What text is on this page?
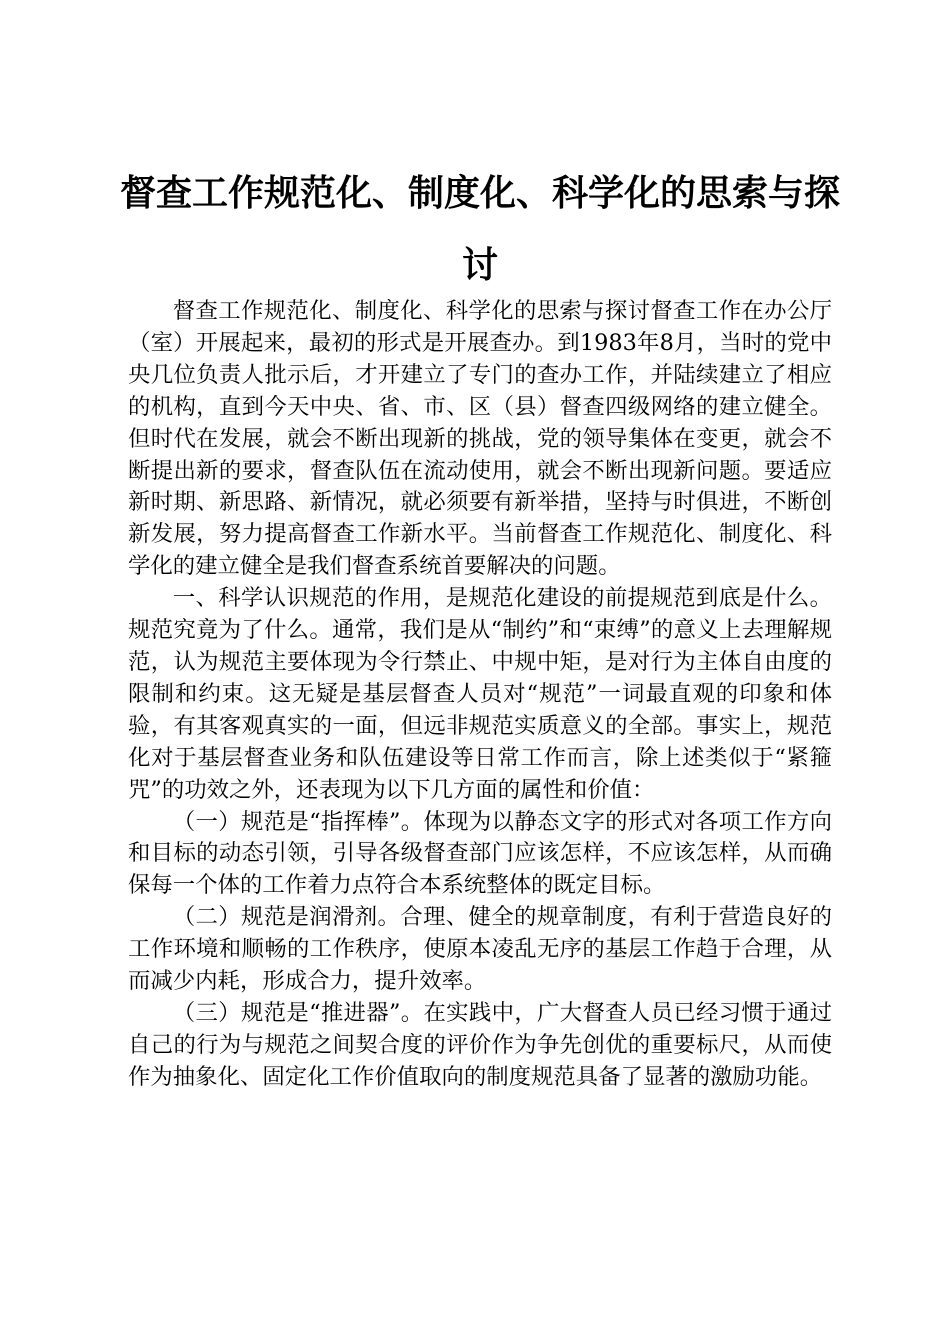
督查工作规范化、制度化、科学化的思索与探讨

督查工作规范化、制度化、科学化的思索与探讨督查工作在办公厅（室）开展起来，最初的形式是开展查办。到1983年8月，当时的党中央几位负责人批示后，才开建立了专门的查办工作，并陆续建立了相应的机构，直到今天中央、省、市、区（县）督查四级网络的建立健全。但时代在发展，就会不断出现新的挑战，党的领导集体在变更，就会不断提出新的要求，督查队伍在流动使用，就会不断出现新问题。要适应新时期、新思路、新情况，就必须要有新举措，坚持与时俱进，不断创新发展，努力提高督查工作新水平。当前督查工作规范化、制度化、科学化的建立健全是我们督查系统首要解决的问题。

一、科学认识规范的作用，是规范化建设的前提规范到底是什么。规范究竟为了什么。通常，我们是从“制约”和“束缚”的意义上去理解规范，认为规范主要体现为令行禁止、中规中矩，是对行为主体自由度的限制和约束。这无疑是基层督查人员对“规范”一词最直观的印象和体验，有其客观真实的一面，但远非规范实质意义的全部。事实上，规范化对于基层督查业务和队伍建设等日常工作而言，除上述类似于“紧箍咒”的功效之外，还表现为以下几方面的属性和价值：

（一）规范是“指挥棒”。体现为以静态文字的形式对各项工作方向和目标的动态引领，引导各级督查部门应该怎样，不应该怎样，从而确保每一个体的工作着力点符合本系统整体的既定目标。

（二）规范是润滑剂。合理、健全的规章制度，有利于营造良好的工作环境和顺畅的工作秩序，使原本凌乱无序的基层工作趋于合理，从而减少内耗，形成合力，提升效率。

（三）规范是“推进器”。在实践中，广大督查人员已经习惯于通过自己的行为与规范之间契合度的评价作为争先创优的重要标尺，从而使作为抽象化、固定化工作价值取向的制度规范具备了显著的激励功能。
